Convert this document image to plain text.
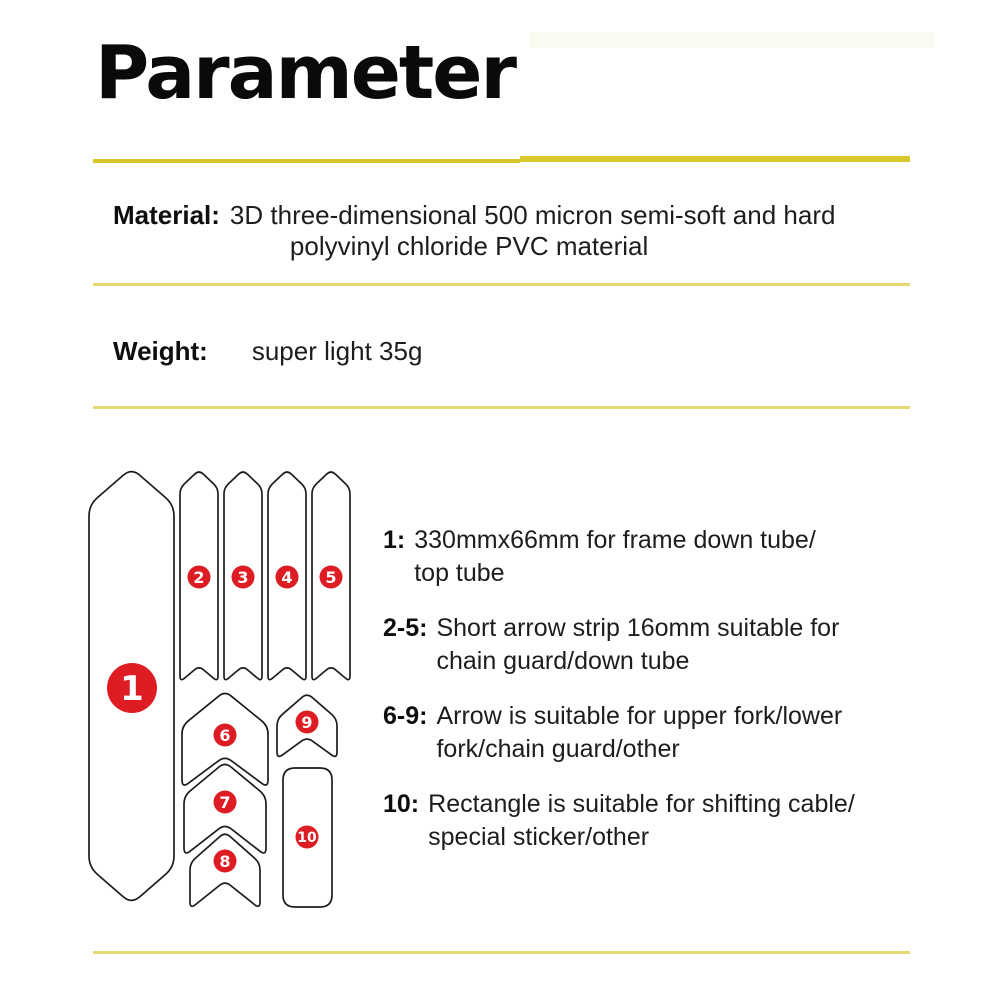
Parameter
Material: 3D three-dimensional 500 micron semi-soft and hard
polyvinyl chloride PVC material
Weight: super light 35g
1
2 3 4 5
6
7
8
9
10
1: 330mmx66mm for frame down tube/
top tube
2-5: Short arrow strip 16omm suitable for
chain guard/down tube
6-9: Arrow is suitable for upper fork/lower
fork/chain guard/other
10: Rectangle is suitable for shifting cable/
special sticker/other
